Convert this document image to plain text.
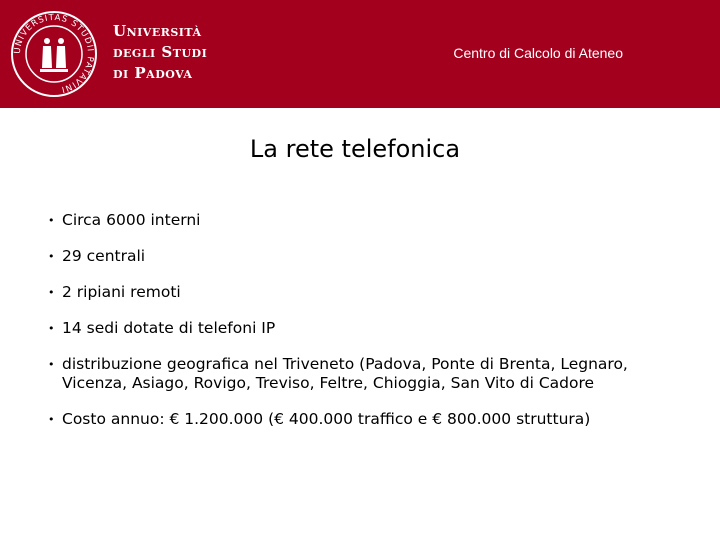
UNIVERSITAS STUDII PATAVINI
Università
degli Studi
di Padova
Centro di Calcolo di Ateneo
La rete telefonica
• Circa 6000 interni
• 29 centrali
• 2 ripiani remoti
• 14 sedi dotate di telefoni IP
• distribuzione geografica nel Triveneto (Padova, Ponte di Brenta, Legnaro, Vicenza, Asiago, Rovigo, Treviso, Feltre, Chioggia, San Vito di Cadore
• Costo annuo: € 1.200.000 (€ 400.000 traffico e € 800.000 struttura)
